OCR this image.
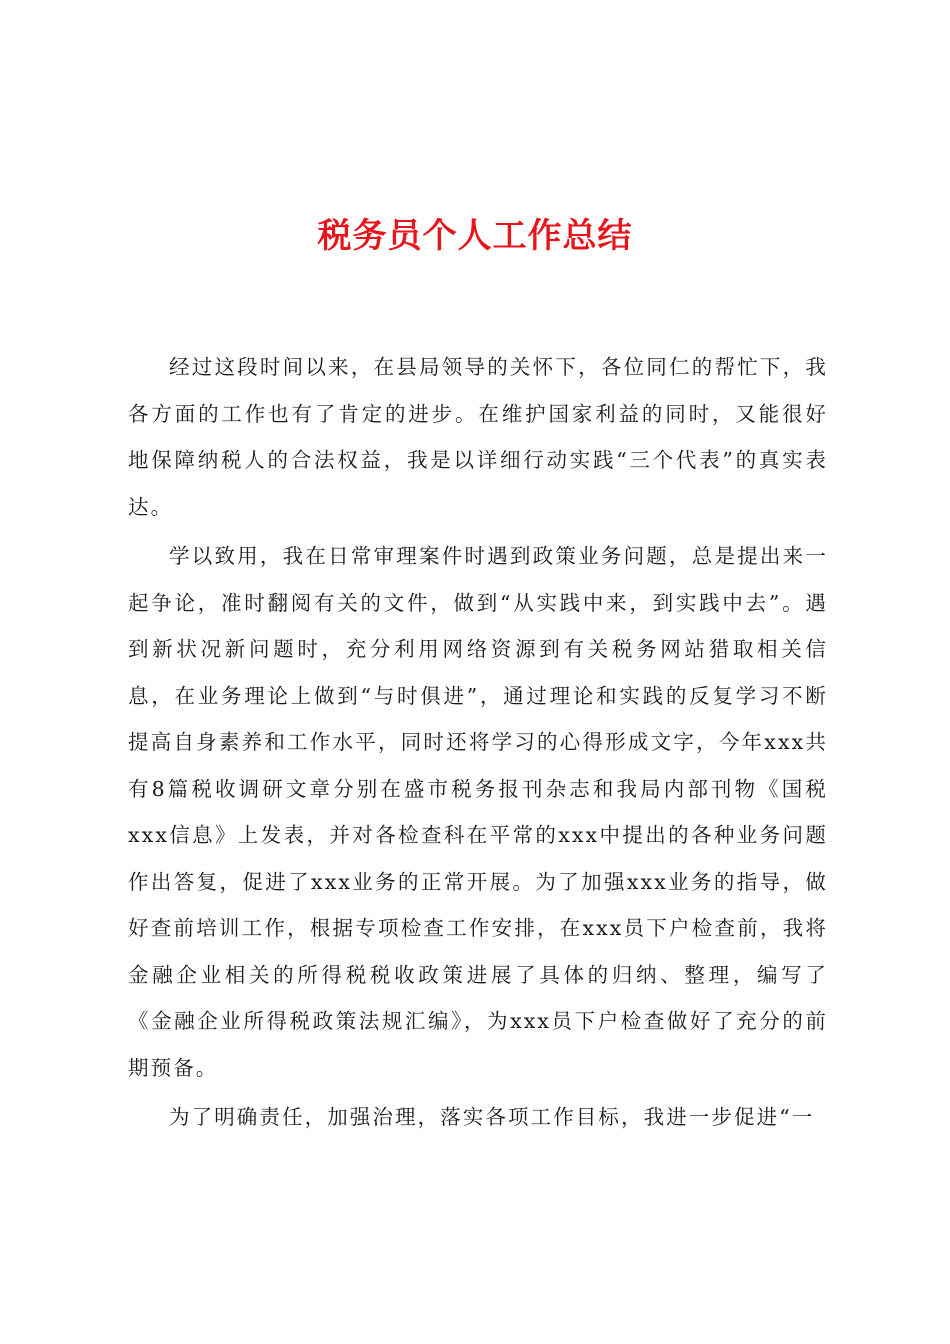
税务员个人工作总结

经过这段时间以来，在县局领导的关怀下，各位同仁的帮忙下，我各方面的工作也有了肯定的进步。在维护国家利益的同时，又能很好地保障纳税人的合法权益，我是以详细行动实践“三个代表”的真实表达。

学以致用，我在日常审理案件时遇到政策业务问题，总是提出来一起争论，准时翻阅有关的文件，做到“从实践中来，到实践中去”。遇到新状况新问题时，充分利用网络资源到有关税务网站猎取相关信息，在业务理论上做到“与时俱进”，通过理论和实践的反复学习不断提高自身素养和工作水平，同时还将学习的心得形成文字，今年xxx共有8篇税收调研文章分别在盛市税务报刊杂志和我局内部刊物《国税xxx信息》上发表，并对各检查科在平常的xxx中提出的各种业务问题作出答复，促进了xxx业务的正常开展。为了加强xxx业务的指导，做好查前培训工作，根据专项检查工作安排，在xxx员下户检查前，我将金融企业相关的所得税税收政策进展了具体的归纳、整理，编写了《金融企业所得税政策法规汇编》，为xxx员下户检查做好了充分的前期预备。

为了明确责任，加强治理，落实各项工作目标，我进一步促进“一
